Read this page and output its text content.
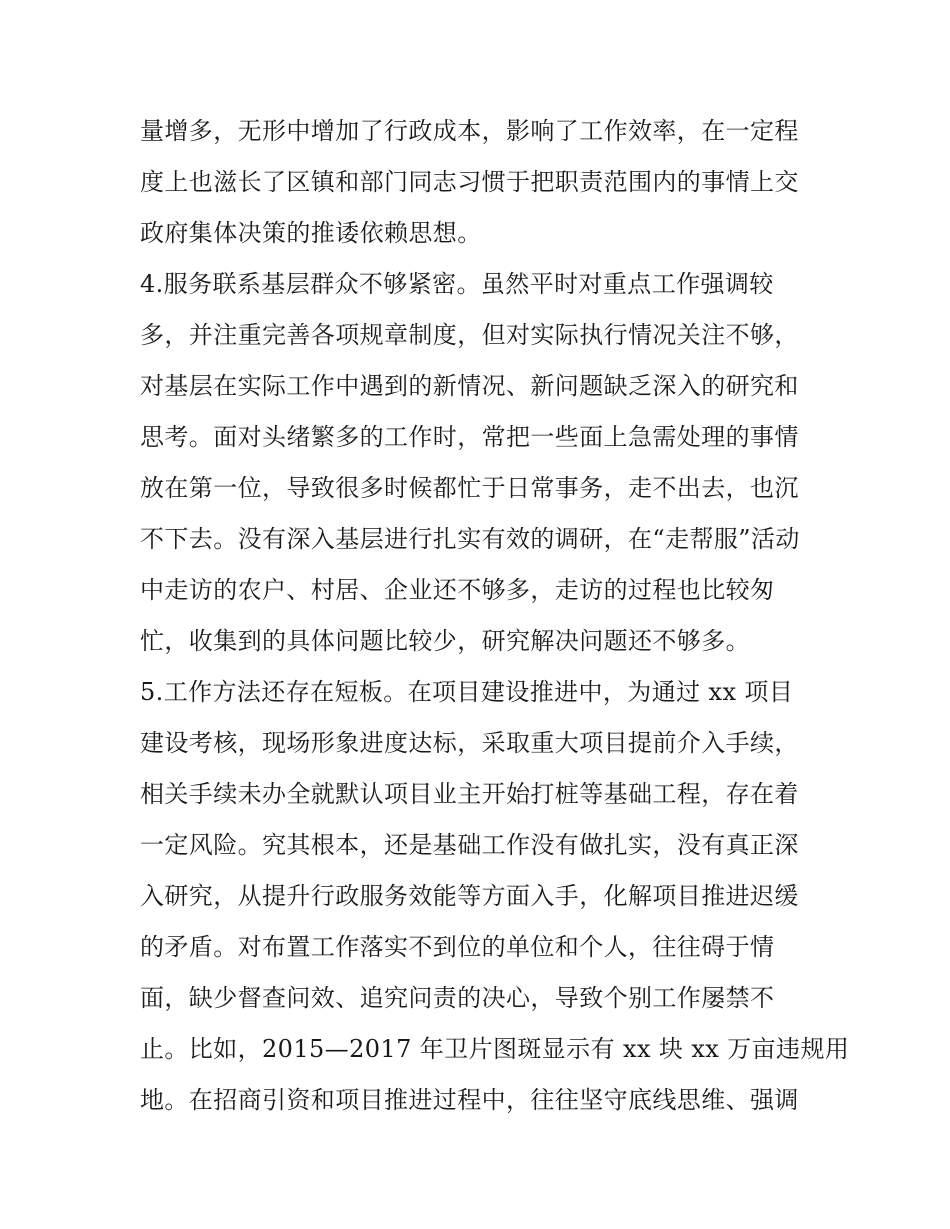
量增多，无形中增加了行政成本，影响了工作效率，在一定程
度上也滋长了区镇和部门同志习惯于把职责范围内的事情上交
政府集体决策的推诿依赖思想。
4.服务联系基层群众不够紧密。虽然平时对重点工作强调较
多，并注重完善各项规章制度，但对实际执行情况关注不够，
对基层在实际工作中遇到的新情况、新问题缺乏深入的研究和
思考。面对头绪繁多的工作时，常把一些面上急需处理的事情
放在第一位，导致很多时候都忙于日常事务，走不出去，也沉
不下去。没有深入基层进行扎实有效的调研，在“走帮服”活动
中走访的农户、村居、企业还不够多，走访的过程也比较匆
忙，收集到的具体问题比较少，研究解决问题还不够多。
5.工作方法还存在短板。在项目建设推进中，为通过 xx 项目
建设考核，现场形象进度达标，采取重大项目提前介入手续，
相关手续未办全就默认项目业主开始打桩等基础工程，存在着
一定风险。究其根本，还是基础工作没有做扎实，没有真正深
入研究，从提升行政服务效能等方面入手，化解项目推进迟缓
的矛盾。对布置工作落实不到位的单位和个人，往往碍于情
面，缺少督查问效、追究问责的决心，导致个别工作屡禁不
止。比如，2015—2017 年卫片图斑显示有 xx 块 xx 万亩违规用
地。在招商引资和项目推进过程中，往往坚守底线思维、强调
